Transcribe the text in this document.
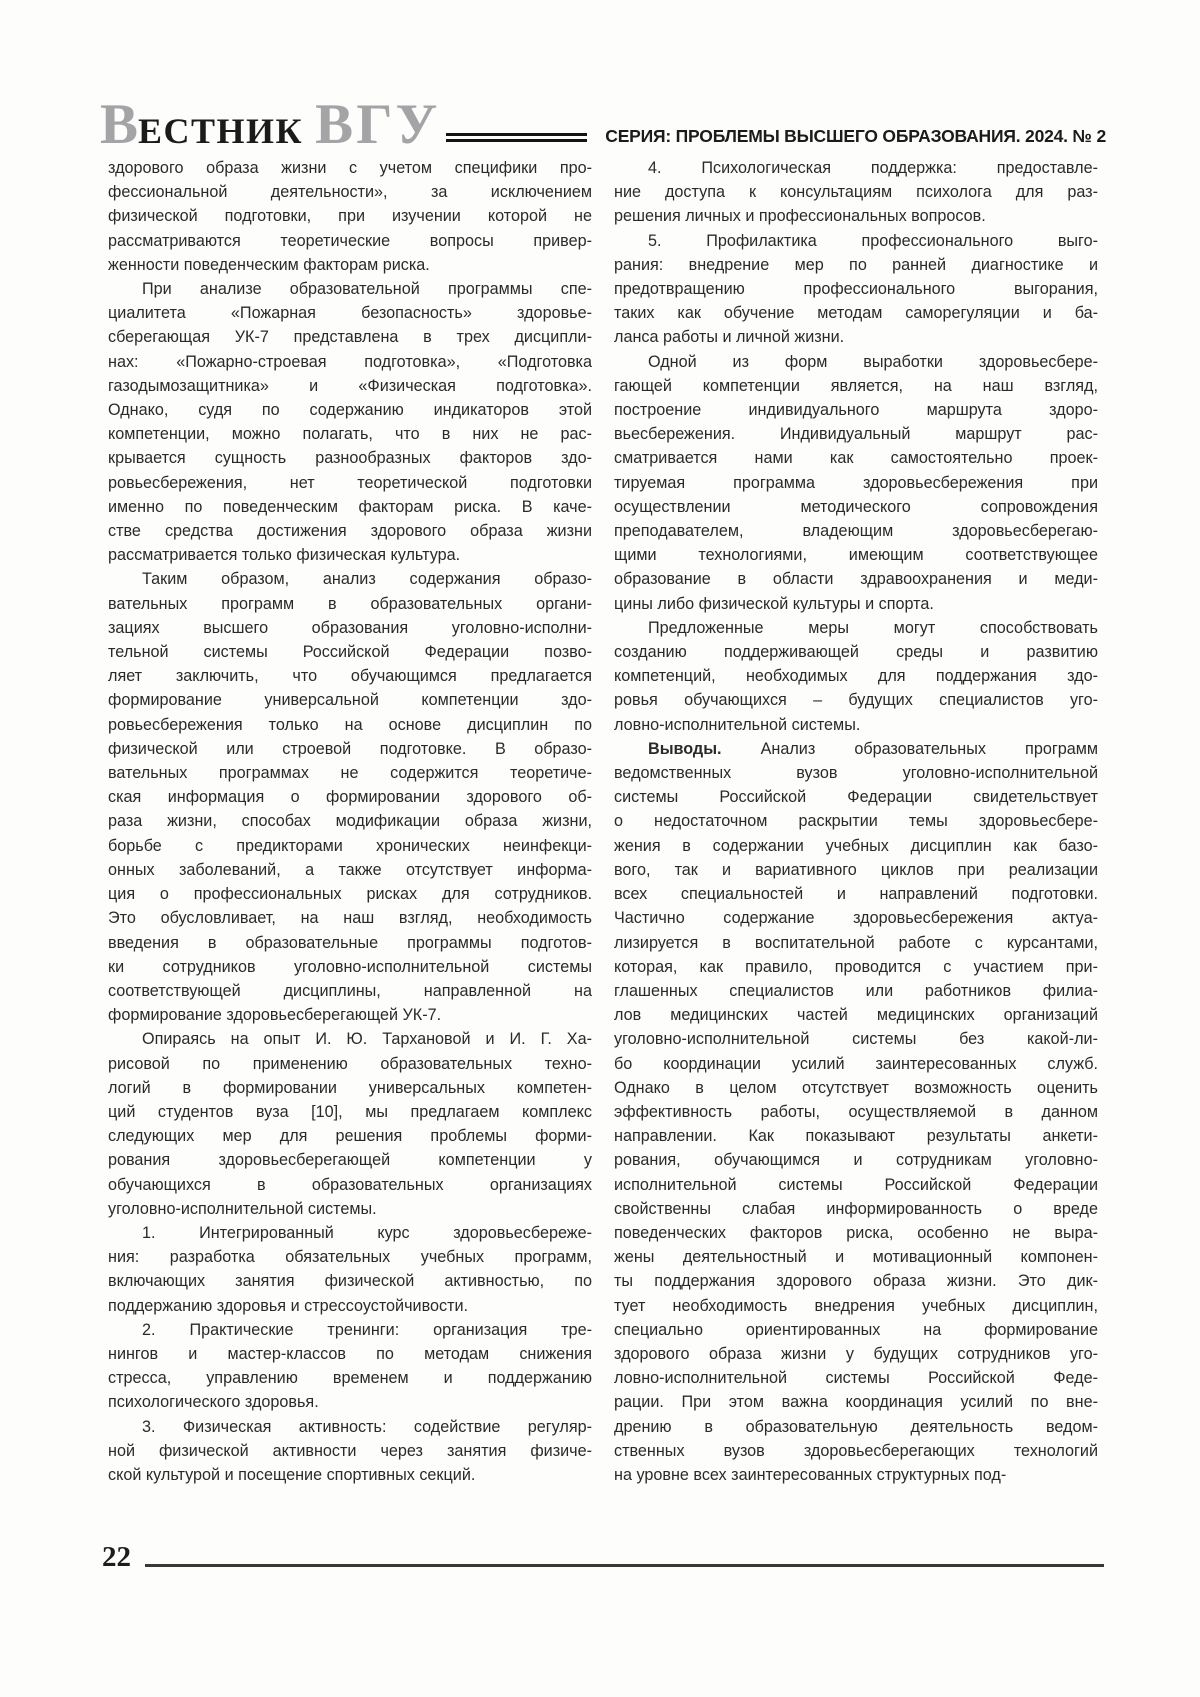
ВЕСТНИК ВГУ	СЕРИЯ: ПРОБЛЕМЫ ВЫСШЕГО ОБРАЗОВАНИЯ. 2024. № 2
здорового образа жизни с учетом специфики про-
фессиональной деятельности», за исключением
физической подготовки, при изучении которой не
рассматриваются теоретические вопросы привер-
женности поведенческим факторам риска.
При анализе образовательной программы спе-
циалитета «Пожарная безопасность» здоровье-
сберегающая УК-7 представлена в трех дисципли-
нах: «Пожарно-строевая подготовка», «Подготовка
газодымозащитника» и «Физическая подготовка».
Однако, судя по содержанию индикаторов этой
компетенции, можно полагать, что в них не рас-
крывается сущность разнообразных факторов здо-
ровьесбережения, нет теоретической подготовки
именно по поведенческим факторам риска. В каче-
стве средства достижения здорового образа жизни
рассматривается только физическая культура.
Таким образом, анализ содержания образо-
вательных программ в образовательных органи-
зациях высшего образования уголовно-исполни-
тельной системы Российской Федерации позво-
ляет заключить, что обучающимся предлагается
формирование универсальной компетенции здо-
ровьесбережения только на основе дисциплин по
физической или строевой подготовке. В образо-
вательных программах не содержится теоретиче-
ская информация о формировании здорового об-
раза жизни, способах модификации образа жизни,
борьбе с предикторами хронических неинфекци-
онных заболеваний, а также отсутствует информа-
ция о профессиональных рисках для сотрудников.
Это обусловливает, на наш взгляд, необходимость
введения в образовательные программы подготов-
ки сотрудников уголовно-исполнительной системы
соответствующей дисциплины, направленной на
формирование здоровьесберегающей УК-7.
Опираясь на опыт И. Ю. Тархановой и И. Г. Ха-
рисовой по применению образовательных техно-
логий в формировании универсальных компетен-
ций студентов вуза [10], мы предлагаем комплекс
следующих мер для решения проблемы форми-
рования здоровьесберегающей компетенции у
обучающихся в образовательных организациях
уголовно-исполнительной системы.
1. Интегрированный курс здоровьесбереже-
ния: разработка обязательных учебных программ,
включающих занятия физической активностью, по
поддержанию здоровья и стрессоустойчивости.
2. Практические тренинги: организация тре-
нингов и мастер-классов по методам снижения
стресса, управлению временем и поддержанию
психологического здоровья.
3. Физическая активность: содействие регуляр-
ной физической активности через занятия физиче-
ской культурой и посещение спортивных секций.
4. Психологическая поддержка: предоставле-
ние доступа к консультациям психолога для раз-
решения личных и профессиональных вопросов.
5. Профилактика профессионального выго-
рания: внедрение мер по ранней диагностике и
предотвращению профессионального выгорания,
таких как обучение методам саморегуляции и ба-
ланса работы и личной жизни.
Одной из форм выработки здоровьесбере-
гающей компетенции является, на наш взгляд,
построение индивидуального маршрута здоро-
вьесбережения. Индивидуальный маршрут рас-
сматривается нами как самостоятельно проек-
тируемая программа здоровьесбережения при
осуществлении методического сопровождения
преподавателем, владеющим здоровьесберегаю-
щими технологиями, имеющим соответствующее
образование в области здравоохранения и меди-
цины либо физической культуры и спорта.
Предложенные меры могут способствовать
созданию поддерживающей среды и развитию
компетенций, необходимых для поддержания здо-
ровья обучающихся – будущих специалистов уго-
ловно-исполнительной системы.
Выводы. Анализ образовательных программ
ведомственных вузов уголовно-исполнительной
системы Российской Федерации свидетельствует
о недостаточном раскрытии темы здоровьесбере-
жения в содержании учебных дисциплин как базо-
вого, так и вариативного циклов при реализации
всех специальностей и направлений подготовки.
Частично содержание здоровьесбережения актуа-
лизируется в воспитательной работе с курсантами,
которая, как правило, проводится с участием при-
глашенных специалистов или работников филиа-
лов медицинских частей медицинских организаций
уголовно-исполнительной системы без какой-ли-
бо координации усилий заинтересованных служб.
Однако в целом отсутствует возможность оценить
эффективность работы, осуществляемой в данном
направлении. Как показывают результаты анкети-
рования, обучающимся и сотрудникам уголовно-
исполнительной системы Российской Федерации
свойственны слабая информированность о вреде
поведенческих факторов риска, особенно не выра-
жены деятельностный и мотивационный компонен-
ты поддержания здорового образа жизни. Это дик-
тует необходимость внедрения учебных дисциплин,
специально ориентированных на формирование
здорового образа жизни у будущих сотрудников уго-
ловно-исполнительной системы Российской Феде-
рации. При этом важна координация усилий по вне-
дрению в образовательную деятельность ведом-
ственных вузов здоровьесберегающих технологий
на уровне всех заинтересованных структурных под-
22
